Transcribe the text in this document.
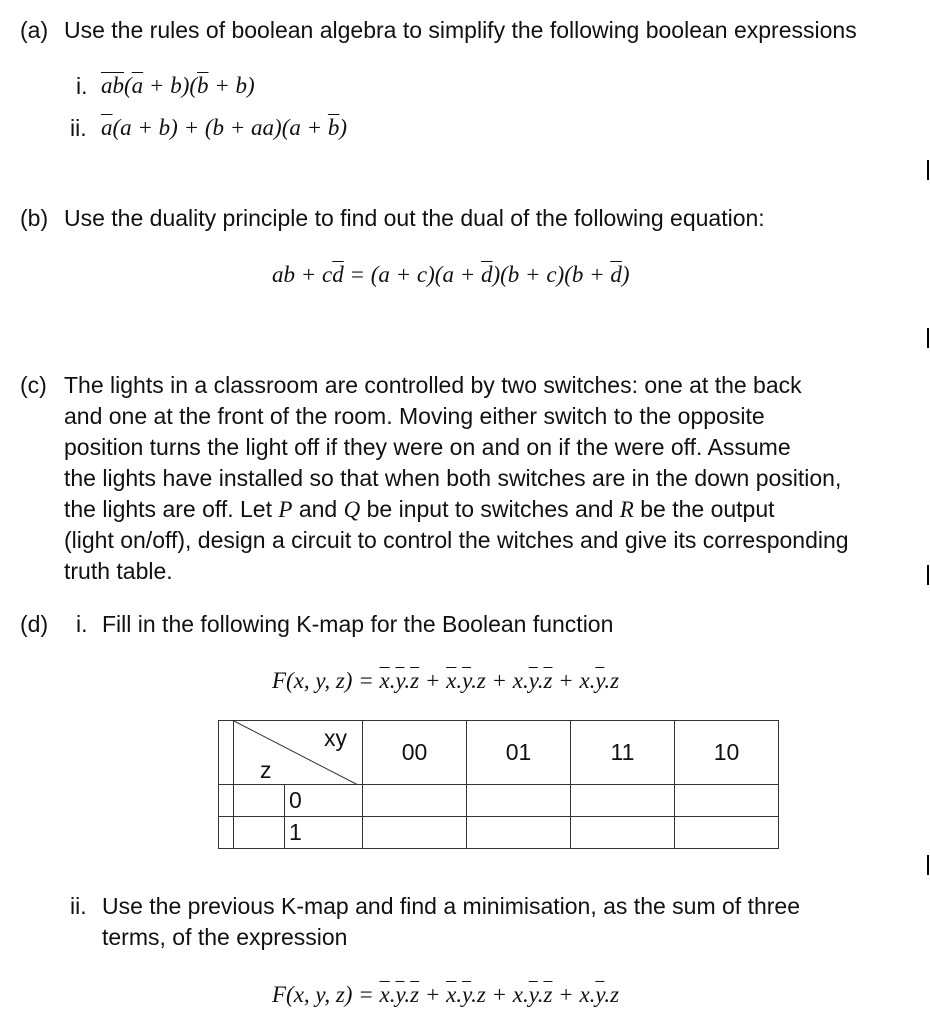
(a) Use the rules of boolean algebra to simplify the following boolean expressions
i. $\overline{ab}(\overline{a} + b)(\overline{b} + b)$
ii. $\overline{a}(a + b) + (b + aa)(a + \overline{b})$
(b) Use the duality principle to find out the dual of the following equation:
ab + $c\overline{d} = (a + c)(a + \overline{d})(b + c)(b + \overline{d})$
(c) The lights in a classroom are controlled by two switches: one at the back
and one at the front of the room. Moving either switch to the opposite
position turns the light off if they were on and on if the were off. Assume
the lights have installed so that when both switches are in the down position,
the lights are off. Let P and Q be input to switches and R be the output
(light on/off), design a circuit to control the witches and give its corresponding
truth table.
(d) i. Fill in the following K-map for the Boolean function
F(x, y, $z) = \overline{x}.\overline{y}.\overline{z} + \overline{x}.\overline{y}.z + x.\overline{y}.\overline{z} + x.\overline{y}.z$

	xy
z		00	01	11	10
		0				
		1				
ii. Use the previous K-map and find a minimisation, as the sum of three
terms, of the expression
F(x, y, $z) = \overline{x}.\overline{y}.\overline{z} + \overline{x}.\overline{y}.z + x.\overline{y}.\overline{z} + x.\overline{y}.z$
